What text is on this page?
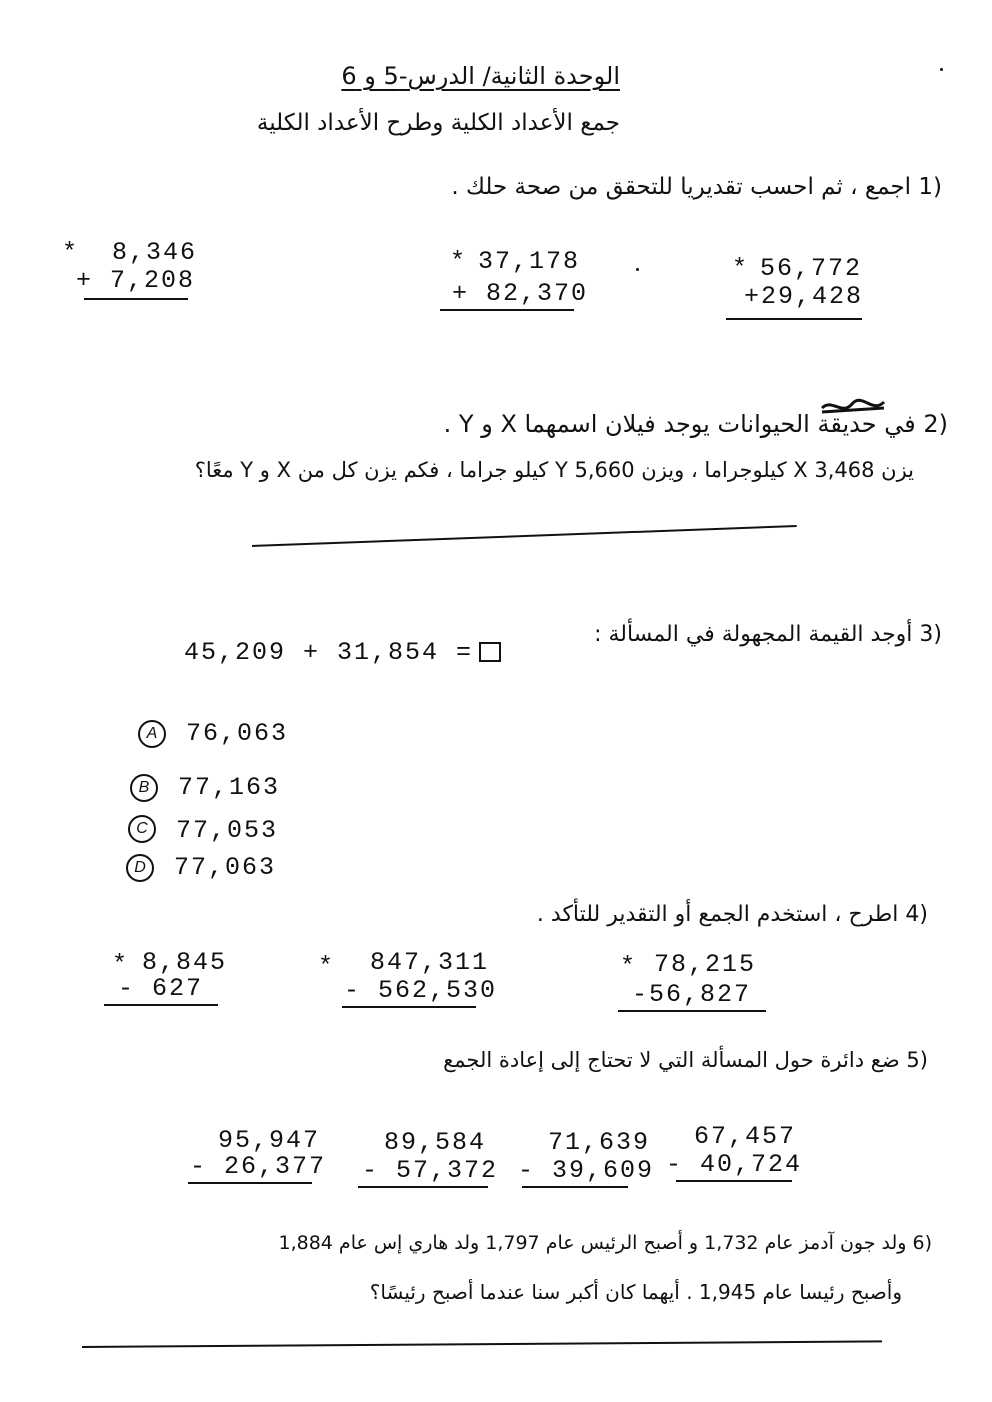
الوحدة الثانية/ الدرس-5 و 6
جمع الأعداد الكلية وطرح الأعداد الكلية
(1 اجمع ، ثم احسب تقديريا للتحقق من صحة حلك .
* 8,346
+ 7,208
* 37,178
+ 82,370
* 56,772
+29,428
(2 في حديقة الحيوانات يوجد فيلان اسمهما X و Y .
يزن X 3,468 كيلوجراما ، ويزن Y 5,660 كيلو جراما ، فكم يزن كل من X و Y معًا؟
(3 أوجد القيمة المجهولة في المسألة :
45,209 + 31,854 =
A	76,063
B	77,163
C	77,053
D	77,063
(4 اطرح ، استخدم الجمع أو التقدير للتأكد .
* 8,845
- 627
* 847,311
- 562,530
* 78,215
-56,827
(5 ضع دائرة حول المسألة التي لا تحتاج إلى إعادة الجمع
95,947
- 26,377
89,584
- 57,372
71,639
- 39,609
67,457
- 40,724
(6 ولد جون آدمز عام 1,732 و أصبح الرئيس عام 1,797 ولد هاري إس عام 1,884
وأصبح رئيسا عام 1,945 . أيهما كان أكبر سنا عندما أصبح رئيسًا؟
